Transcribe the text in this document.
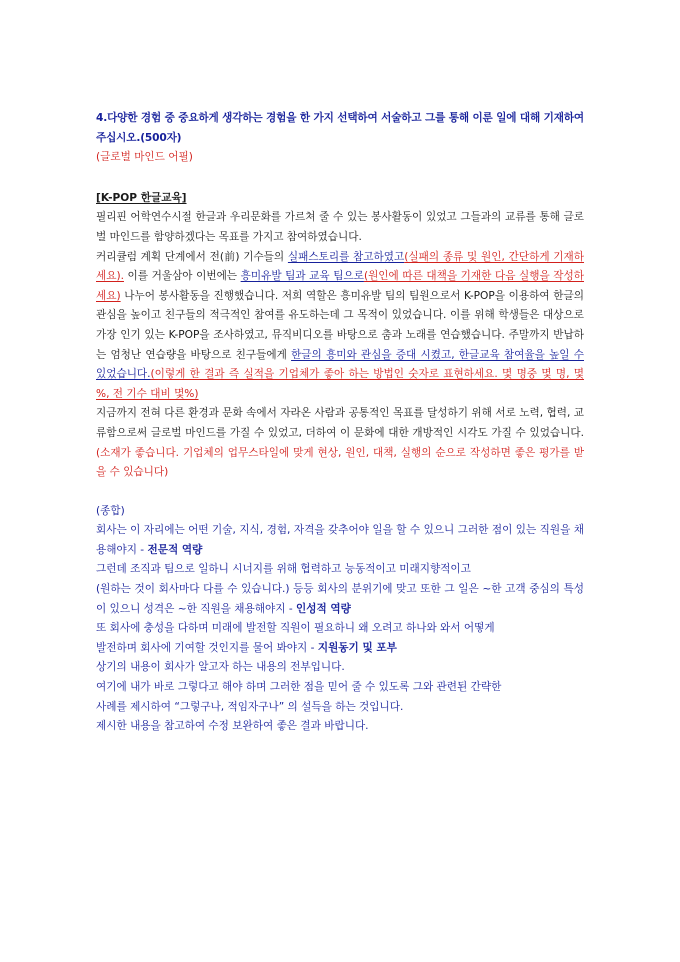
4.다양한 경험 중 중요하게 생각하는 경험을 한 가지 선택하여 서술하고 그를 통해 이룬 일에 대해 기재하여 주십시오.(500자)

(글로벌 마인드 어필)

[K-POP 한글교육]

필리핀 어학연수시절 한글과 우리문화를 가르쳐 줄 수 있는 봉사활동이 있었고 그들과의 교류를 통해 글로벌 마인드를 함양하겠다는 목표를 가지고 참여하였습니다.

커리큘럼 계획 단계에서 전(前) 기수들의 실패스토리를 참고하였고(실패의 종류 및 원인, 간단하게 기재하세요). 이를 거울삼아 이번에는 흥미유발 팀과 교육 팀으로(원인에 따른 대책을 기재한 다음 실행을 작성하세요) 나누어 봉사활동을 진행했습니다. 저희 역할은 흥미유발 팀의 팀원으로서 K-POP을 이용하여 한글의 관심을 높이고 친구들의 적극적인 참여를 유도하는데 그 목적이 있었습니다. 이를 위해 학생들은 대상으로 가장 인기 있는 K-POP을 조사하였고, 뮤직비디오를 바탕으로 춤과 노래를 연습했습니다. 주말까지 반납하는 엄청난 연습량을 바탕으로 친구들에게 한글의 흥미와 관심을 증대 시켰고, 한글교육 참여율을 높일 수 있었습니다.(이렇게 한 결과 즉 실적을 기업체가 좋아 하는 방법인 숫자로 표현하세요. 몇 명중 몇 명, 몇 %, 전 기수 대비 몇%)

지금까지 전혀 다른 환경과 문화 속에서 자라온 사람과 공통적인 목표를 달성하기 위해 서로 노력, 협력, 교류함으로써 글로벌 마인드를 가질 수 있었고, 더하여 이 문화에 대한 개방적인 시각도 가질 수 있었습니다.(소재가 좋습니다. 기업체의 업무스타일에 맞게 현상, 원인, 대책, 실행의 순으로 작성하면 좋은 평가를 받을 수 있습니다)

(종합)

회사는 이 자리에는 어떤 기술, 지식, 경험, 자격을 갖추어야 일을 할 수 있으니 그러한 점이 있는 직원을 채용해야지 - 전문적 역량

그런데 조직과 팀으로 일하니 시너지를 위해 협력하고 능동적이고 미래지향적이고

(원하는 것이 회사마다 다를 수 있습니다.) 등등 회사의 분위기에 맞고 또한 그 일은 ~한 고객 중심의 특성이 있으니 성격은 ~한 직원을 채용해야지 - 인성적 역량

또 회사에 충성을 다하며 미래에 발전할 직원이 필요하니 왜 오려고 하나와 와서 어떻게

발전하며 회사에 기여할 것인지를 물어 봐야지 - 지원동기 및 포부

상기의 내용이 회사가 알고자 하는 내용의 전부입니다.

여기에 내가 바로 그렇다고 해야 하며 그러한 점을 믿어 줄 수 있도록 그와 관련된 간략한

사례를 제시하여 “그렇구나, 적임자구나” 의 설득을 하는 것입니다.

제시한 내용을 참고하여 수정 보완하여 좋은 결과 바랍니다.
